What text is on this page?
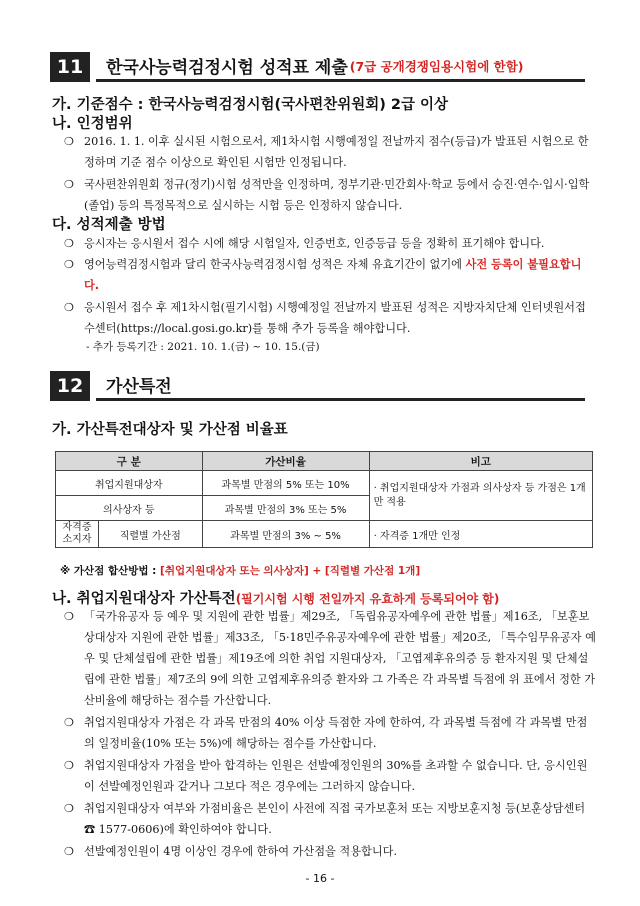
11	한국사능력검정시험 성적표 제출 (7급 공개경쟁임용시험에 한함)
가. 기준점수 : 한국사능력검정시험(국사편찬위원회) 2급 이상
나. 인정범위
❍ 2016. 1. 1. 이후 실시된 시험으로서, 제1차시험 시행예정일 전날까지 점수(등급)가 발표된 시험으로 한정하며 기준 점수 이상으로 확인된 시험만 인정됩니다.
❍ 국사편찬위원회 정규(정기)시험 성적만을 인정하며, 정부기관·민간회사·학교 등에서 승진·연수·입시·입학(졸업) 등의 특정목적으로 실시하는 시험 등은 인정하지 않습니다.
다. 성적제출 방법
❍ 응시자는 응시원서 접수 시에 해당 시험일자, 인증번호, 인증등급 등을 정확히 표기해야 합니다.
❍ 영어능력검정시험과 달리 한국사능력검정시험 성적은 자체 유효기간이 없기에 사전 등록이 불필요합니다.
❍ 응시원서 접수 후 제1차시험(필기시험) 시행예정일 전날까지 발표된 성적은 지방자치단체 인터넷원서접수센터(https://local.gosi.go.kr)를 통해 추가 등록을 해야합니다.
- 추가 등록기간 : 2021. 10. 1.(금) ~ 10. 15.(금)
12	가산특전
가. 가산특전대상자 및 가산점 비율표
구 분		가산비율	비고
취업지원대상자		과목별 만점의 5% 또는 10%	· 취업지원대상자 가점과 의사상자 등 가점은 1개만 적용
의사상자 등		과목별 만점의 3% 또는 5%	
자격증 소지자	직렬별 가산점	과목별 만점의 3% ~ 5%	· 자격증 1개만 인정
※ 가산점 합산방법 : [취업지원대상자 또는 의사상자] + [직렬별 가산점 1개]
나. 취업지원대상자 가산특전(필기시험 시행 전일까지 유효하게 등록되어야 함)
❍ 「국가유공자 등 예우 및 지원에 관한 법률」제29조, 「독립유공자예우에 관한 법률」제16조, 「보훈보상대상자 지원에 관한 법률」제33조, 「5·18민주유공자예우에 관한 법률」제20조, 「특수임무유공자 예우 및 단체설립에 관한 법률」제19조에 의한 취업 지원대상자, 「고엽제후유의증 등 환자지원 및 단체설립에 관한 법률」제7조의 9에 의한 고엽제후유의증 환자와 그 가족은 각 과목별 득점에 위 표에서 정한 가산비율에 해당하는 점수를 가산합니다.
❍ 취업지원대상자 가점은 각 과목 만점의 40% 이상 득점한 자에 한하여, 각 과목별 득점에 각 과목별 만점의 일정비율(10% 또는 5%)에 해당하는 점수를 가산합니다.
❍ 취업지원대상자 가점을 받아 합격하는 인원은 선발예정인원의 30%를 초과할 수 없습니다. 단, 응시인원이 선발예정인원과 같거나 그보다 적은 경우에는 그러하지 않습니다.
❍ 취업지원대상자 여부와 가점비율은 본인이 사전에 직접 국가보훈처 또는 지방보훈지청 등(보훈상담센터 ☎ 1577-0606)에 확인하여야 합니다.
❍ 선발예정인원이 4명 이상인 경우에 한하여 가산점을 적용합니다.
- 16 -
